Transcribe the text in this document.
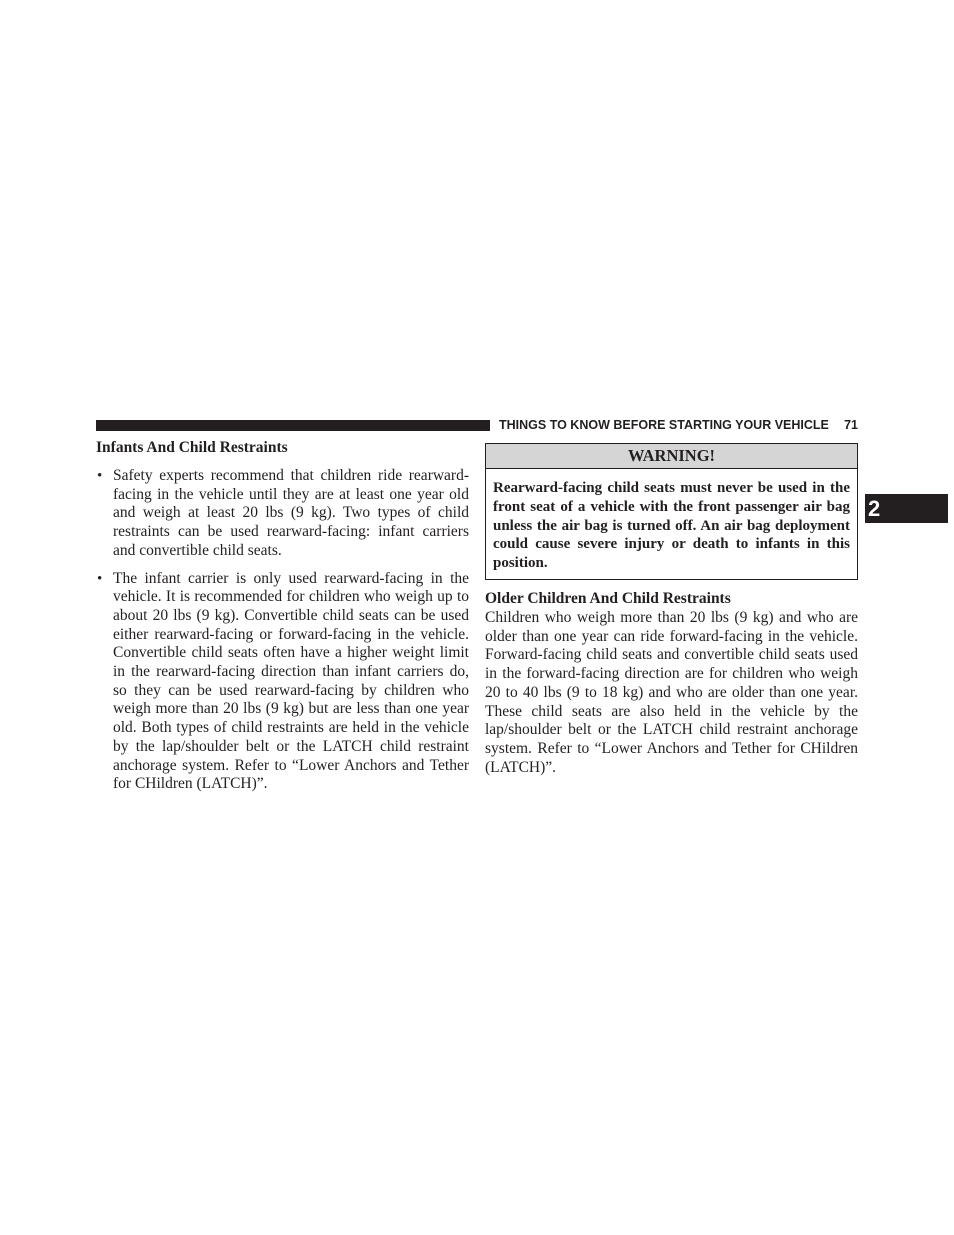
THINGS TO KNOW BEFORE STARTING YOUR VEHICLE 71
2
Infants And Child Restraints
• Safety experts recommend that children ride rearward-facing in the vehicle until they are at least one year old and weigh at least 20 lbs (9 kg). Two types of child restraints can be used rearward-facing: infant carriers and convertible child seats.
• The infant carrier is only used rearward-facing in the vehicle. It is recommended for children who weigh up to about 20 lbs (9 kg). Convertible child seats can be used either rearward-facing or forward-facing in the vehicle. Convertible child seats often have a higher weight limit in the rearward-facing direction than infant carriers do, so they can be used rearward-facing by children who weigh more than 20 lbs (9 kg) but are less than one year old. Both types of child restraints are held in the vehicle by the lap/shoulder belt or the LATCH child restraint anchorage system. Refer to “Lower Anchors and Tether for CHildren (LATCH)”.
WARNING!
Rearward-facing child seats must never be used in the front seat of a vehicle with the front passenger air bag unless the air bag is turned off. An air bag deployment could cause severe injury or death to infants in this position.
Older Children And Child Restraints

Children who weigh more than 20 lbs (9 kg) and who are older than one year can ride forward-facing in the vehicle. Forward-facing child seats and convertible child seats used in the forward-facing direction are for children who weigh 20 to 40 lbs (9 to 18 kg) and who are older than one year. These child seats are also held in the vehicle by the lap/shoulder belt or the LATCH child restraint anchorage system. Refer to “Lower Anchors and Tether for CHildren (LATCH)”.
